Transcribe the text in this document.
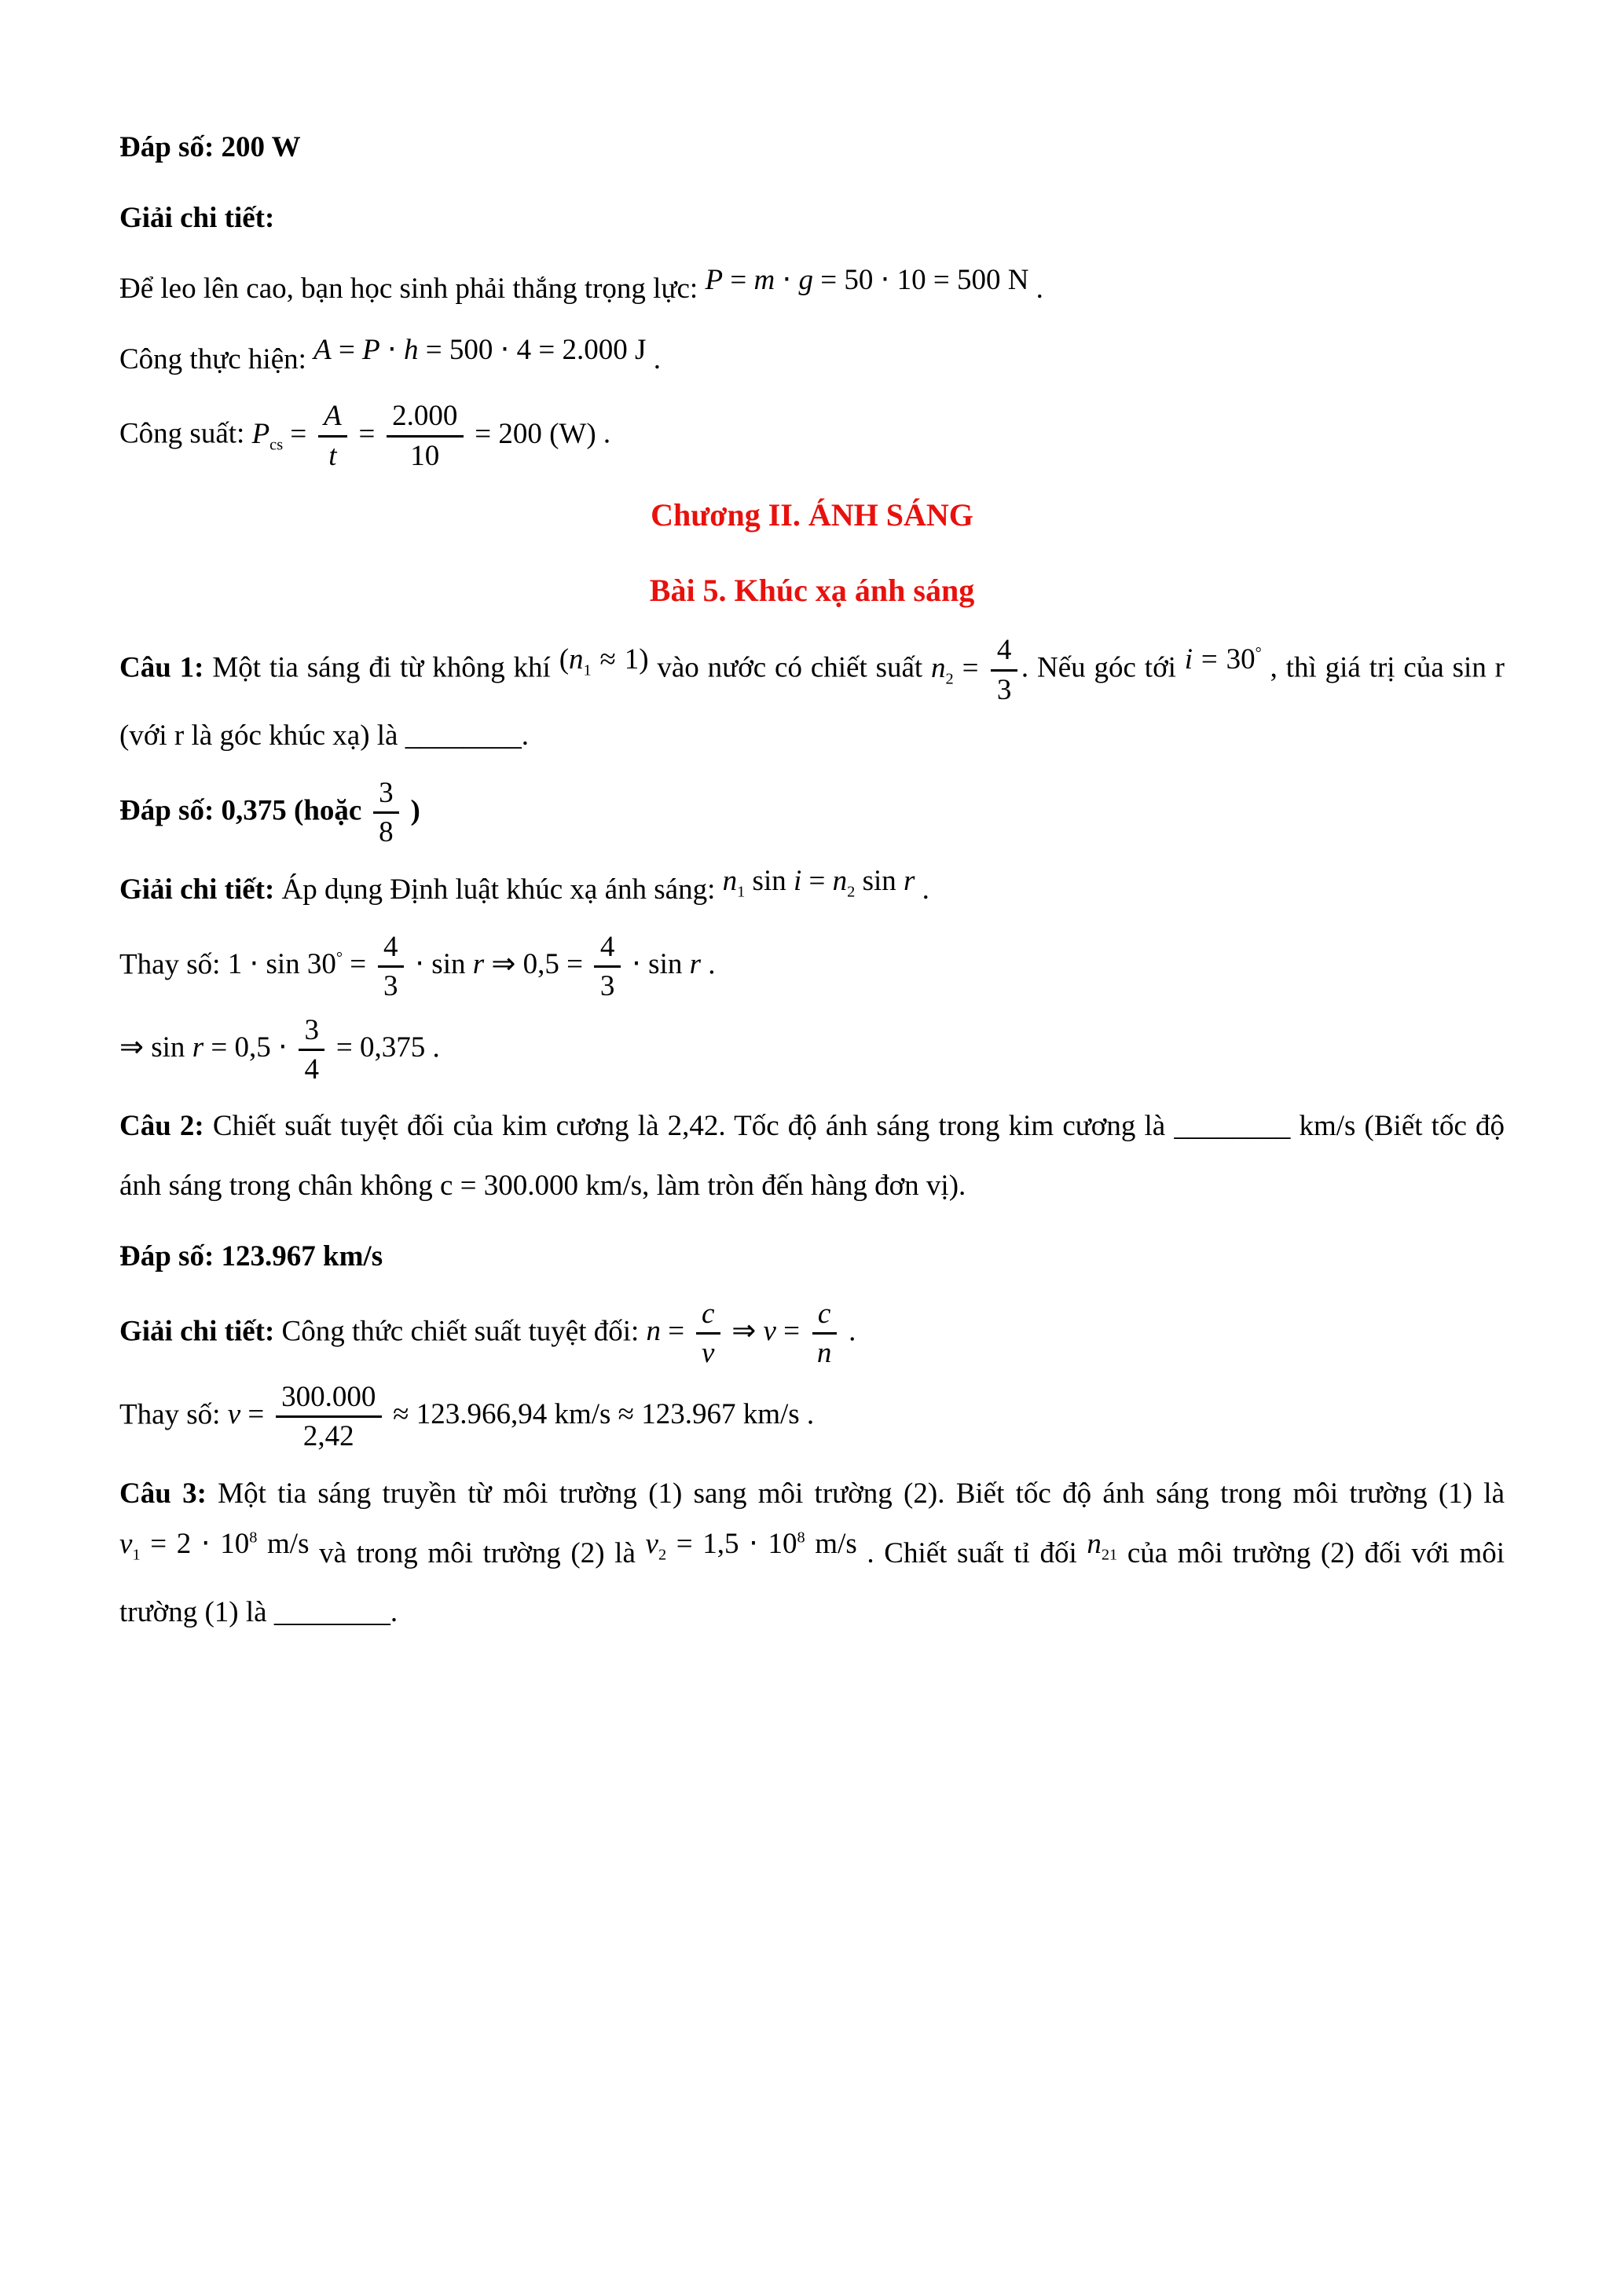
Đáp số: 200 W
Giải chi tiết:
Để leo lên cao, bạn học sinh phải thắng trọng lực: P = m ⋅ g = 50 ⋅ 10 = 500 N .
Công thực hiện: A = P ⋅ h = 500 ⋅ 4 = 2.000 J .
Công suất: $P_{cs} = \frac{A}{t} = \frac{2.000}{10} = 200$ (W) .
Chương II. ÁNH SÁNG
Bài 5. Khúc xạ ánh sáng
Câu 1: Một tia sáng đi từ không khí $(n_1 \approx 1)$ vào nước có chiết suất $n_2 = \frac{4}{3}$ . Nếu góc tới i = 30° , thì giá trị của sin r (với r là góc khúc xạ) là ________.
Đáp số: 0,375 (hoặc $\frac{3}{8}$ )
Giải chi tiết: Áp dụng Định luật khúc xạ ánh sáng: $n_1$ $\sin i = n_2$ sin r .
Thay số: $1 \cdot \sin 30^\circ = \frac{4}{3} \cdot \sin r$ ⇒ $0,5 = \frac{4}{3} \cdot \sin r$ .
⇒ $\sin r = 0,5 \cdot \frac{3}{4} = 0,375$ .
Câu 2: Chiết suất tuyệt đối của kim cương là 2,42. Tốc độ ánh sáng trong kim cương là ________ km/s (Biết tốc độ ánh sáng trong chân không c = 300.000 km/s, làm tròn đến hàng đơn vị).
Đáp số: 123.967 km/s
Giải chi tiết: Công thức chiết suất tuyệt đối: $n = \frac{c}{v}$ ⇒ $v = \frac{c}{n}$ .
Thay số: $v = \frac{300.000}{2,42} \approx 123.966,94$ km/s ≈ 123.967 km/s .
Câu 3: Một tia sáng truyền từ môi trường (1) sang môi trường (2). Biết tốc độ ánh sáng trong môi trường (1) là $v_1 = 2 \cdot 10^8$ m/s và trong môi trường (2) là $v_2 = 1,5 \cdot 10^8$ m/s . Chiết suất tỉ đối $n_{21}$ của môi trường (2) đối với môi trường (1) là ________.
